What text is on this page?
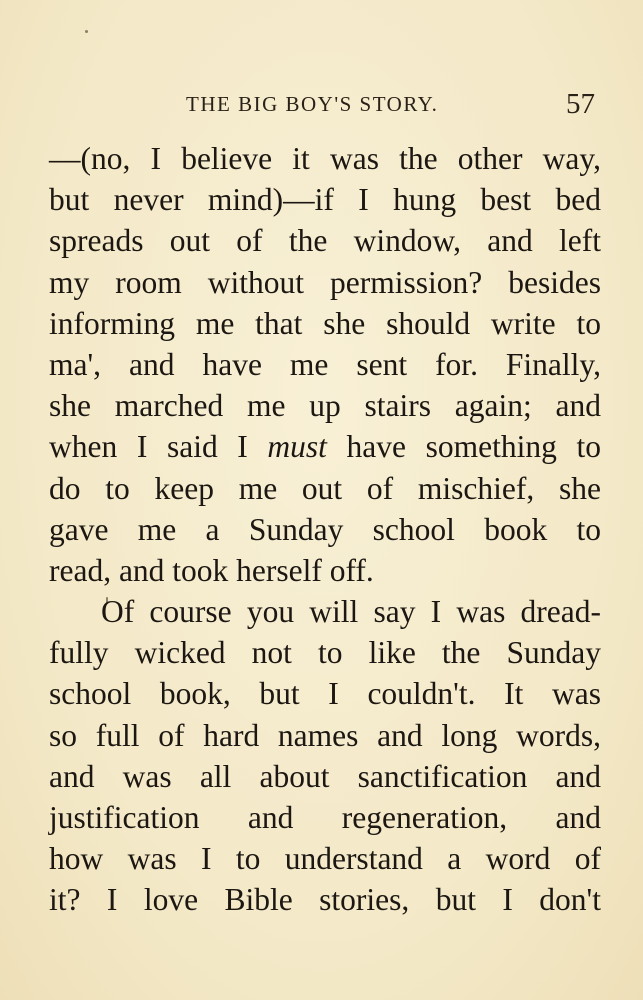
THE BIG BOY'S STORY.	57
—(no, I believe it was the other way,
but never mind)—if I hung best bed
spreads out of the window, and left
my room without permission? besides
informing me that she should write to
ma', and have me sent for. Finally,
she marched me up stairs again; and
when I said I must have something to
do to keep me out of mischief, she
gave me a Sunday school book to
read, and took herself off.
Of course you will say I was dread-
fully wicked not to like the Sunday
school book, but I couldn't. It was
so full of hard names and long words,
and was all about sanctification and
justification and regeneration, and
how was I to understand a word of
it? I love Bible stories, but I don't
